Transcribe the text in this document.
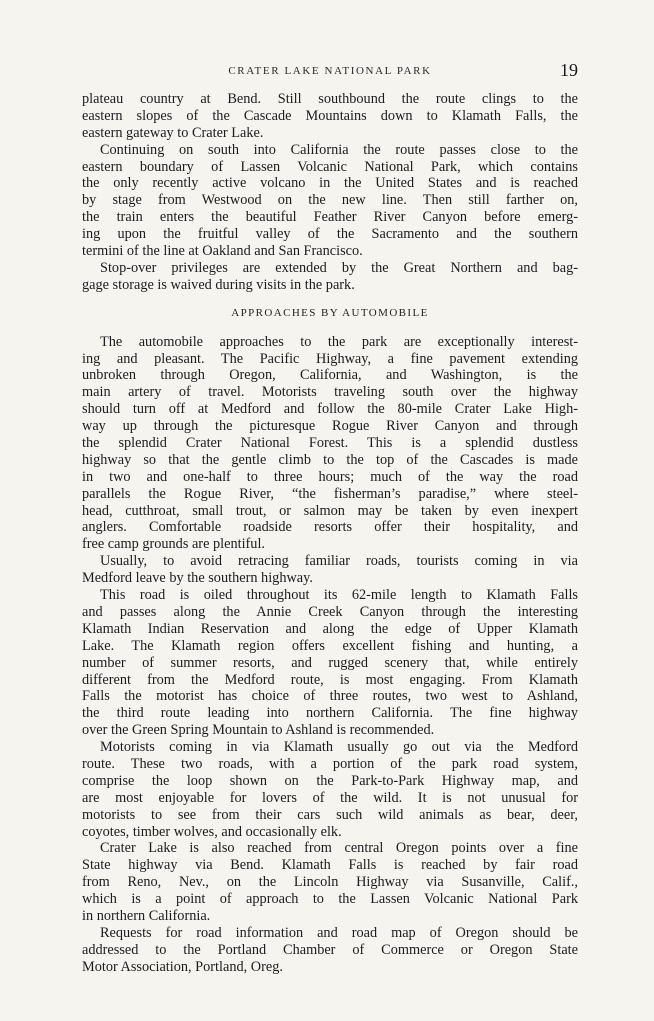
CRATER LAKE NATIONAL PARK	19
plateau country at Bend. Still southbound the route clings to the
eastern slopes of the Cascade Mountains down to Klamath Falls, the
eastern gateway to Crater Lake.
Continuing on south into California the route passes close to the
eastern boundary of Lassen Volcanic National Park, which contains
the only recently active volcano in the United States and is reached
by stage from Westwood on the new line. Then still farther on,
the train enters the beautiful Feather River Canyon before emerg-
ing upon the fruitful valley of the Sacramento and the southern
termini of the line at Oakland and San Francisco.
Stop-over privileges are extended by the Great Northern and bag-
gage storage is waived during visits in the park.
APPROACHES BY AUTOMOBILE
The automobile approaches to the park are exceptionally interest-
ing and pleasant. The Pacific Highway, a fine pavement extending
unbroken through Oregon, California, and Washington, is the
main artery of travel. Motorists traveling south over the highway
should turn off at Medford and follow the 80-mile Crater Lake High-
way up through the picturesque Rogue River Canyon and through
the splendid Crater National Forest. This is a splendid dustless
highway so that the gentle climb to the top of the Cascades is made
in two and one-half to three hours; much of the way the road
parallels the Rogue River, “the fisherman’s paradise,” where steel-
head, cutthroat, small trout, or salmon may be taken by even inexpert
anglers. Comfortable roadside resorts offer their hospitality, and
free camp grounds are plentiful.
Usually, to avoid retracing familiar roads, tourists coming in via
Medford leave by the southern highway.
This road is oiled throughout its 62-mile length to Klamath Falls
and passes along the Annie Creek Canyon through the interesting
Klamath Indian Reservation and along the edge of Upper Klamath
Lake. The Klamath region offers excellent fishing and hunting, a
number of summer resorts, and rugged scenery that, while entirely
different from the Medford route, is most engaging. From Klamath
Falls the motorist has choice of three routes, two west to Ashland,
the third route leading into northern California. The fine highway
over the Green Spring Mountain to Ashland is recommended.
Motorists coming in via Klamath usually go out via the Medford
route. These two roads, with a portion of the park road system,
comprise the loop shown on the Park-to-Park Highway map, and
are most enjoyable for lovers of the wild. It is not unusual for
motorists to see from their cars such wild animals as bear, deer,
coyotes, timber wolves, and occasionally elk.
Crater Lake is also reached from central Oregon points over a fine
State highway via Bend. Klamath Falls is reached by fair road
from Reno, Nev., on the Lincoln Highway via Susanville, Calif.,
which is a point of approach to the Lassen Volcanic National Park
in northern California.
Requests for road information and road map of Oregon should be
addressed to the Portland Chamber of Commerce or Oregon State
Motor Association, Portland, Oreg.
